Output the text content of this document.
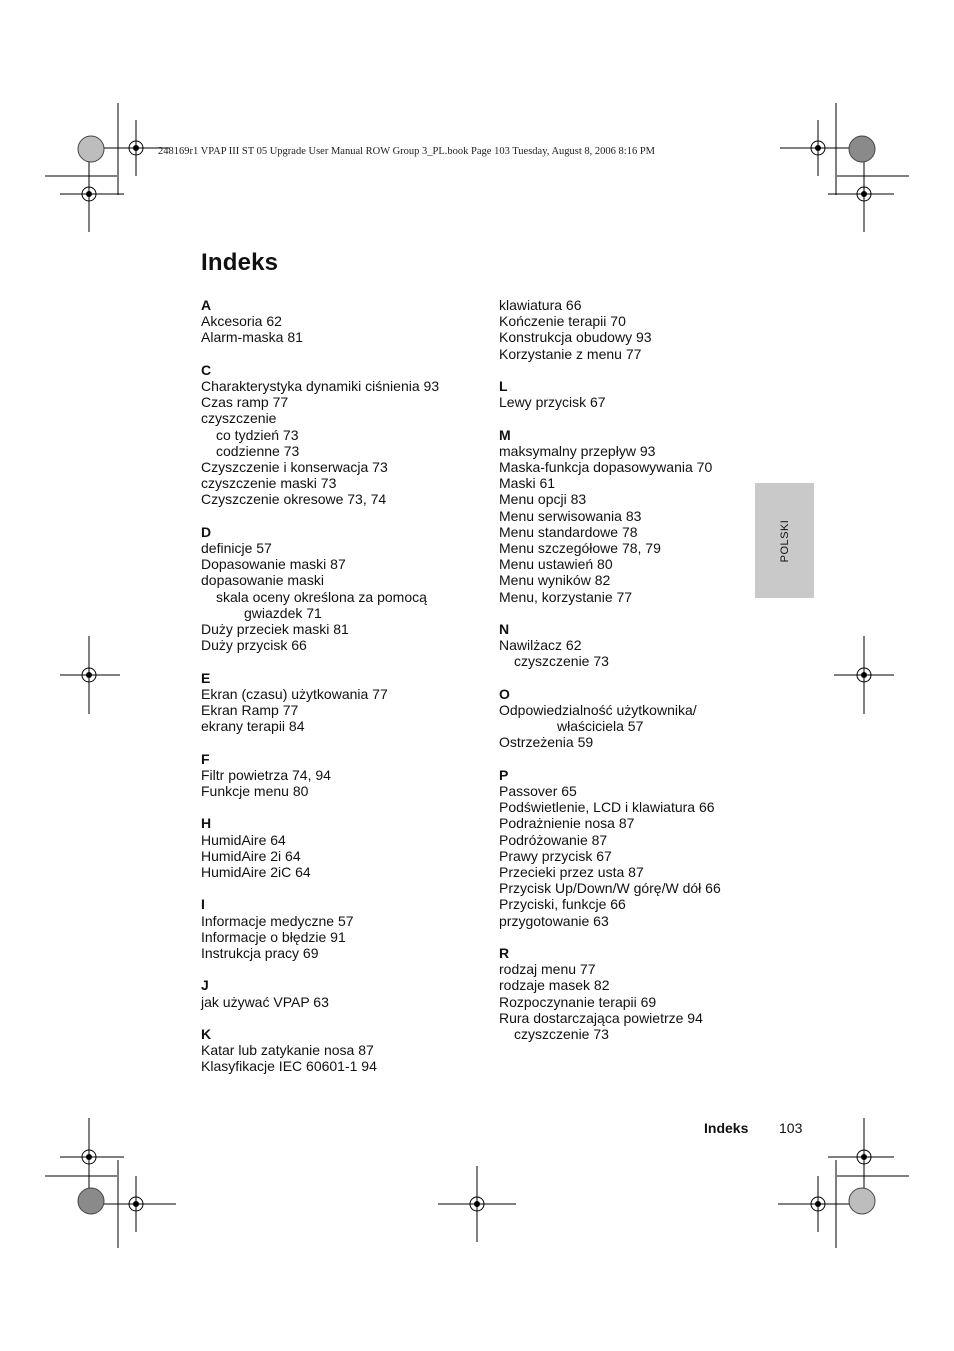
248169r1 VPAP III ST 05 Upgrade User Manual ROW Group 3_PL.book Page 103 Tuesday, August 8, 2006 8:16 PM
Indeks
A
Akcesoria 62
Alarm-maska 81
C
Charakterystyka dynamiki ciśnienia 93
Czas ramp 77
czyszczenie
co tydzień 73
codzienne 73
Czyszczenie i konserwacja 73
czyszczenie maski 73
Czyszczenie okresowe 73, 74
D
definicje 57
Dopasowanie maski 87
dopasowanie maski
skala oceny określona za pomocą
gwiazdek 71
Duży przeciek maski 81
Duży przycisk 66
E
Ekran (czasu) użytkowania 77
Ekran Ramp 77
ekrany terapii 84
F
Filtr powietrza 74, 94
Funkcje menu 80
H
HumidAire 64
HumidAire 2i 64
HumidAire 2iC 64
I
Informacje medyczne 57
Informacje o błędzie 91
Instrukcja pracy 69
J
jak używać VPAP 63
K
Katar lub zatykanie nosa 87
Klasyfikacje IEC 60601-1 94
klawiatura 66
Kończenie terapii 70
Konstrukcja obudowy 93
Korzystanie z menu 77
L
Lewy przycisk 67
M
maksymalny przepływ 93
Maska-funkcja dopasowywania 70
Maski 61
Menu opcji 83
Menu serwisowania 83
Menu standardowe 78
Menu szczegółowe 78, 79
Menu ustawień 80
Menu wyników 82
Menu, korzystanie 77
N
Nawilżacz 62
czyszczenie 73
O
Odpowiedzialność użytkownika/
właściciela 57
Ostrzeżenia 59
P
Passover 65
Podświetlenie, LCD i klawiatura 66
Podrażnienie nosa 87
Podróżowanie 87
Prawy przycisk 67
Przecieki przez usta 87
Przycisk Up/Down/W górę/W dół 66
Przyciski, funkcje 66
przygotowanie 63
R
rodzaj menu 77
rodzaje masek 82
Rozpoczynanie terapii 69
Rura dostarczająca powietrze 94
czyszczenie 73
POLSKI
Indeks 103
